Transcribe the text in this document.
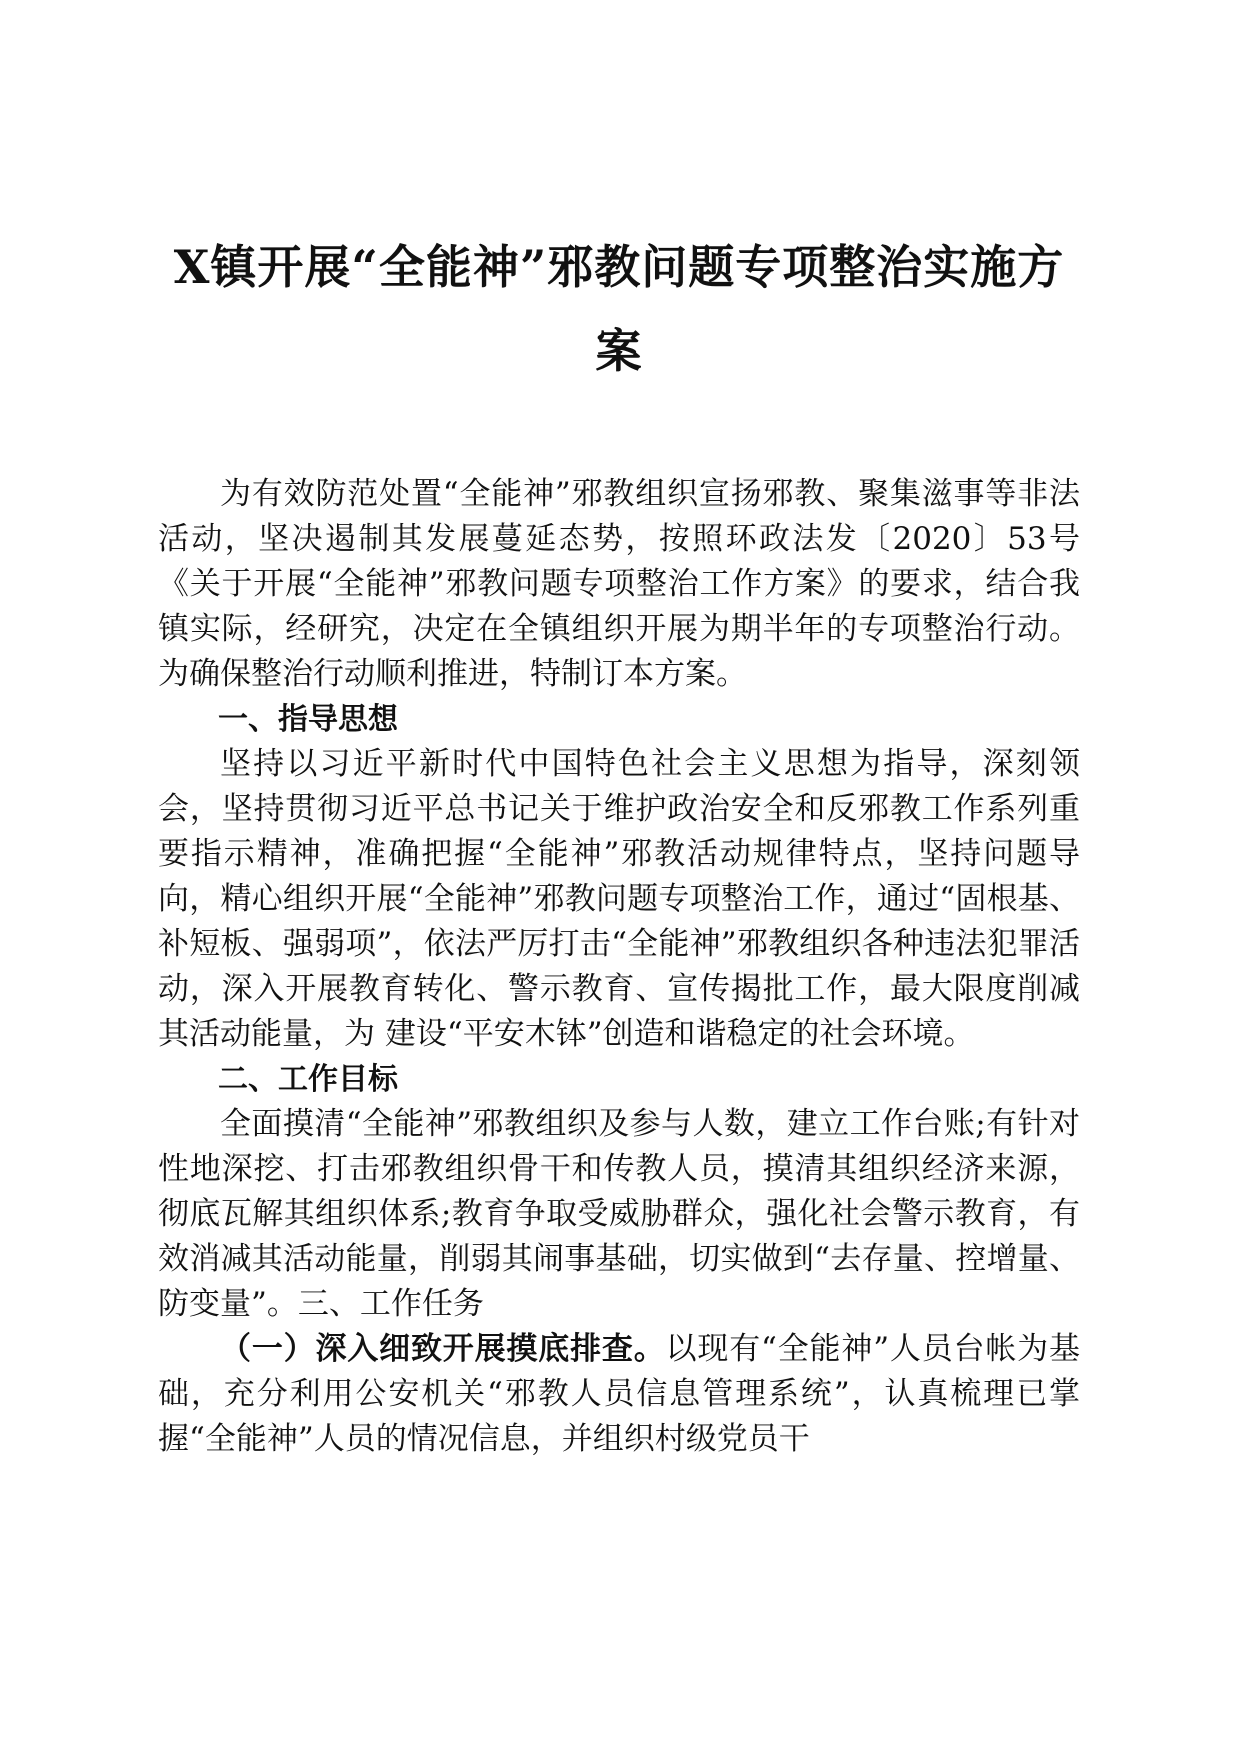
X镇开展“全能神”邪教问题专项整治实施方案

为有效防范处置“全能神”邪教组织宣扬邪教、聚集滋事等非法活动，坚决遏制其发展蔓延态势，按照环政法发〔2020〕53号《关于开展“全能神”邪教问题专项整治工作方案》的要求，结合我镇实际，经研究，决定在全镇组织开展为期半年的专项整治行动。为确保整治行动顺利推进，特制订本方案。

一、指导思想

坚持以习近平新时代中国特色社会主义思想为指导，深刻领会，坚持贯彻习近平总书记关于维护政治安全和反邪教工作系列重要指示精神，准确把握“全能神”邪教活动规律特点，坚持问题导向，精心组织开展“全能神”邪教问题专项整治工作，通过“固根基、补短板、强弱项”，依法严厉打击“全能神”邪教组织各种违法犯罪活动，深入开展教育转化、警示教育、宣传揭批工作，最大限度削减其活动能量，为 建设“平安木钵”创造和谐稳定的社会环境。

二、工作目标

全面摸清“全能神”邪教组织及参与人数，建立工作台账;有针对性地深挖、打击邪教组织骨干和传教人员，摸清其组织经济来源，彻底瓦解其组织体系;教育争取受威胁群众，强化社会警示教育，有效消减其活动能量，削弱其闹事基础，切实做到“去存量、控增量、防变量”。三、工作任务

（一）深入细致开展摸底排查。以现有“全能神”人员台帐为基础，充分利用公安机关“邪教人员信息管理系统”，认真梳理已掌握“全能神”人员的情况信息，并组织村级党员干
